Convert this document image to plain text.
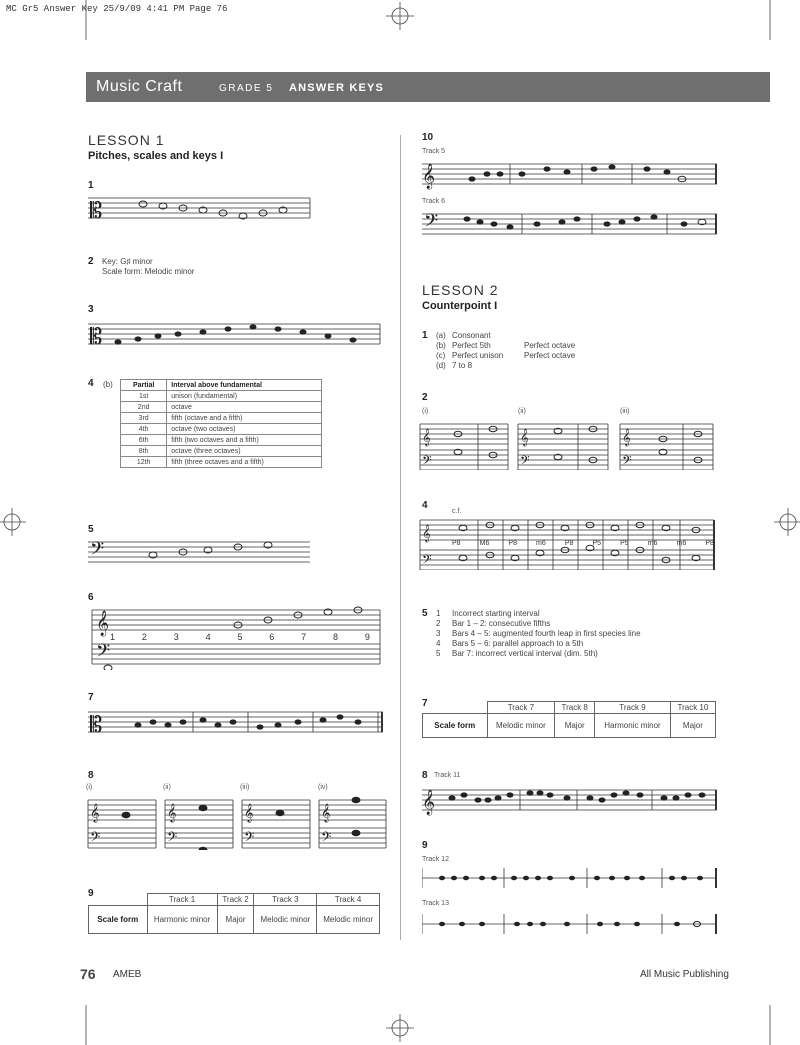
MC Gr5 Answer Key 25/9/09 4:41 PM Page 76
Music Craft	GRADE 5 ANSWER KEYS
LESSON 1
Pitches, scales and keys I
1
𝄡
2 Key: G♯ minor
Scale form: Melodic minor
3
𝄡
4 (b)	Partial	Interval above fundamental
1st	unison (fundamental)
2nd	octave
3rd	fifth (octave and a fifth)
4th	octave (two octaves)
6th	fifth (two octaves and a fifth)
8th	octave (three octaves)
12th	fifth (three octaves and a fifth)
5
𝄢
6
𝄞
𝄢
1	2	3	4	5	6	7	8	9
7
𝄡
8
(i)	(ii)	(iii)	(iv)
𝄞
𝄢
𝄞
𝄢
𝄞
𝄢
𝄞
𝄢
9
	Track 1	Track 2	Track 3	Track 4
Scale form	Harmonic minor	Major	Melodic minor	Melodic minor
10
Track 5
𝄞
Track 6
𝄢
LESSON 2
Counterpoint I
1 (a) Consonant
(b) Perfect 5th	Perfect octave
(c) Perfect unison	Perfect octave
(d) 7 to 8
2
(i)	(ii)	(iii)
𝄞
𝄢
𝄞
𝄢
𝄞
𝄢
4
c.f.
𝄞
𝄢
P8	M6	P8	m6	P8	P5	P5	m6	m6	P8
5 1 Incorrect starting interval
2 Bar 1 – 2: consecutive fifths
3 Bars 4 – 5: augmented fourth leap in first species line
4 Bars 5 – 6: parallel approach to a 5th
5 Bar 7: incorrect vertical interval (dim. 5th)
7
		Track 7	Track 8	Track 9	Track 10
Scale form	Melodic minor	Major	Harmonic minor	Major
8 Track 11
𝄞
9
Track 12
Track 13
76 AMEB	All Music Publishing
